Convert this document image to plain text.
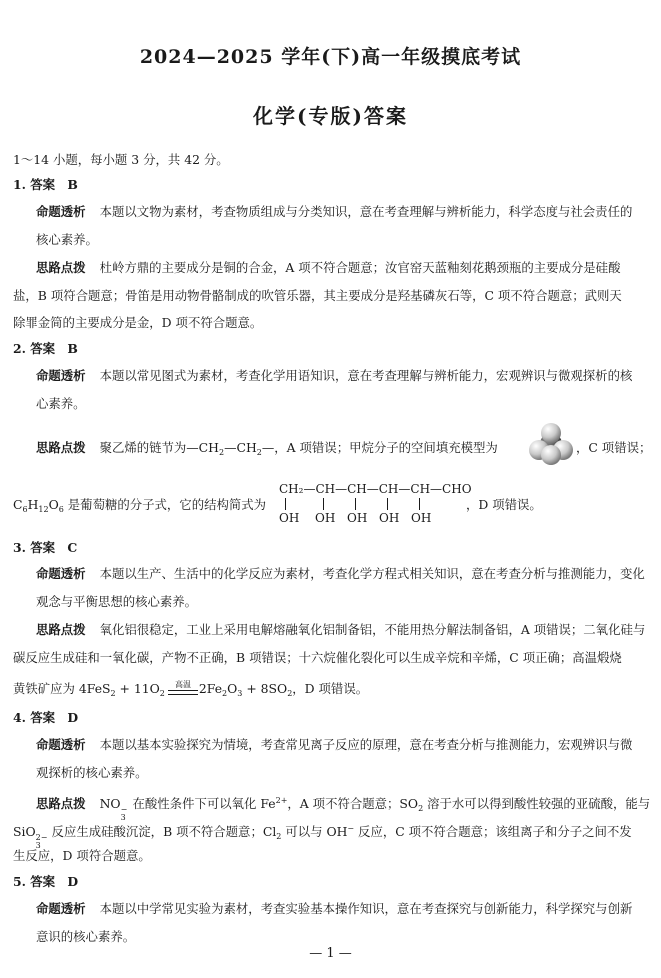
2024—2025 学年(下)高一年级摸底考试
化学(专版)答案
1～14 小题，每小题 3 分，共 42 分。
1. 答案　B
命题透析 本题以文物为素材，考查物质组成与分类知识，意在考查理解与辨析能力，科学态度与社会责任的
核心素养。
思路点拨 杜岭方鼎的主要成分是铜的合金，A 项不符合题意；汝官窑天蓝釉刻花鹅颈瓶的主要成分是硅酸
盐，B 项符合题意；骨笛是用动物骨骼制成的吹管乐器，其主要成分是羟基磷灰石等，C 项不符合题意；武则天
除罪金简的主要成分是金，D 项不符合题意。
2. 答案　B
命题透析 本题以常见图式为素材，考查化学用语知识，意在考查理解与辨析能力，宏观辨识与微观探析的核
心素养。
思路点拨 聚乙烯的链节为$—CH_2—CH_2—$，A 项错误；甲烷分子的空间填充模型为	，C 项错误；
$C_6H_{12}O_6$ 是葡萄糖的分子式，它的结构简式为
CH₂—CH—CH—CH—CH—CHO
OH OH OH OH OH
，D 项错误。
3. 答案　C
命题透析 本题以生产、生活中的化学反应为素材，考查化学方程式相关知识，意在考查分析与推测能力，变化
观念与平衡思想的核心素养。
思路点拨 氧化铝很稳定，工业上采用电解熔融氧化铝制备铝，不能用热分解法制备铝，A 项错误；二氧化硅与
碳反应生成硅和一氧化碳，产物不正确，B 项错误；十六烷催化裂化可以生成辛烷和辛烯，C 项正确；高温煅烧
高温
黄铁矿应为 $4FeS_2 + 11O_2$	$2Fe_2O_3 + 8SO_2$，D 项错误。
4. 答案　D
命题透析 本题以基本实验探究为情境，考查常见离子反应的原理，意在考查分析与推测能力，宏观辨识与微
观探析的核心素养。
思路点拨 NO −
3
在酸性条件下可以氧化 $Fe^{2+}$，A 项不符合题意；$SO_2$ 溶于水可以得到酸性较强的亚硫酸，能与
SiO 2−
3
反应生成硅酸沉淀，B 项不符合题意；$Cl_2$ 可以与 OH− 反应，C 项不符合题意；该组离子和分子之间不发
生反应，D 项符合题意。
5. 答案　D
命题透析 本题以中学常见实验为素材，考查实验基本操作知识，意在考查探究与创新能力，科学探究与创新
意识的核心素养。
— 1 —
